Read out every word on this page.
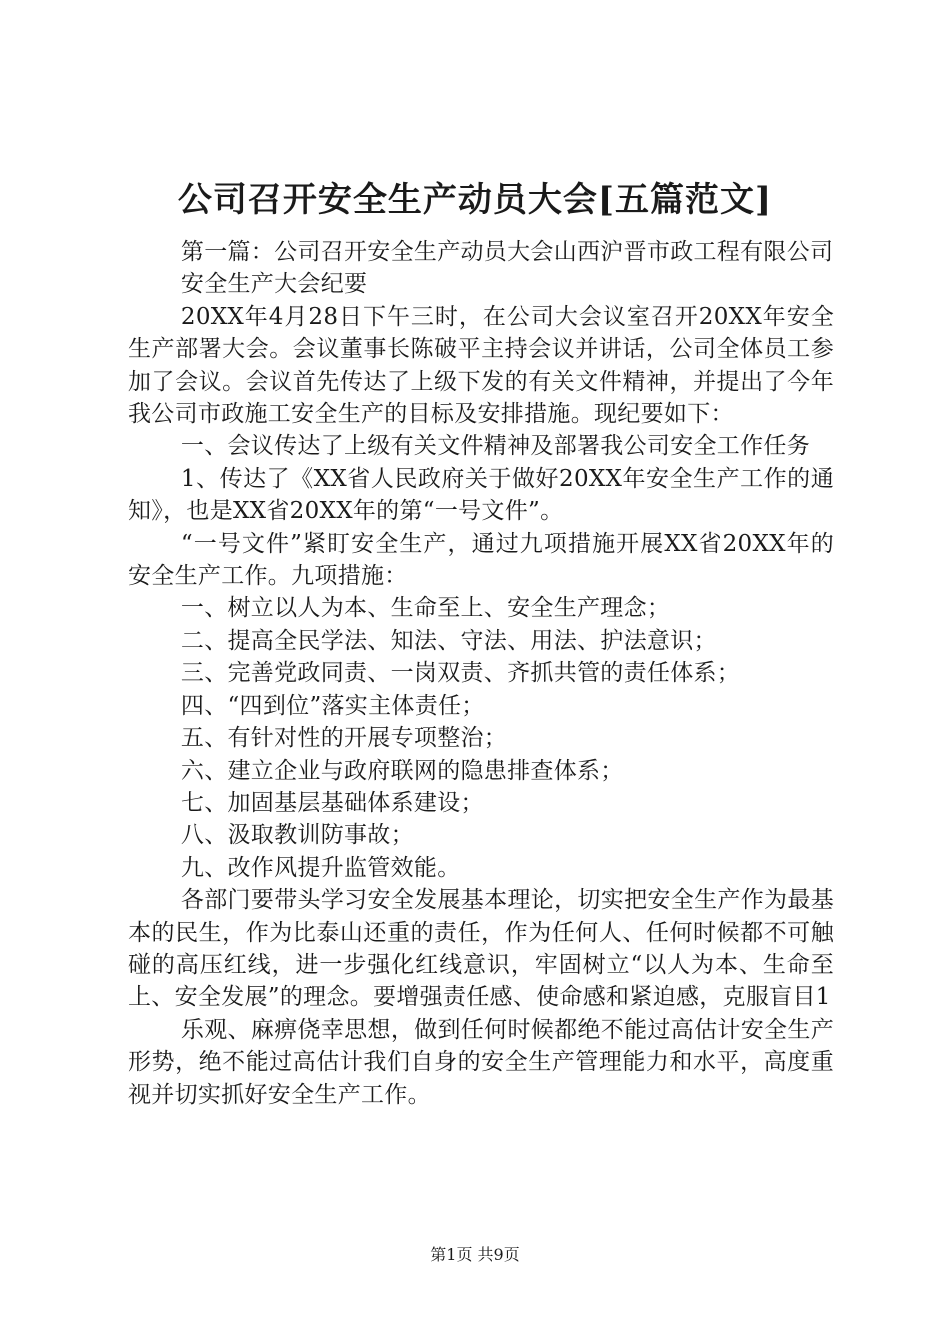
公司召开安全生产动员大会[五篇范文]

第一篇：公司召开安全生产动员大会山西沪晋市政工程有限公司

安全生产大会纪要

20XX年4月28日下午三时，在公司大会议室召开20XX年安全生产部署大会。会议董事长陈破平主持会议并讲话，公司全体员工参加了会议。会议首先传达了上级下发的有关文件精神，并提出了今年我公司市政施工安全生产的目标及安排措施。现纪要如下：

一、会议传达了上级有关文件精神及部署我公司安全工作任务

1、传达了《XX省人民政府关于做好20XX年安全生产工作的通知》，也是XX省20XX年的第“一号文件”。

“一号文件”紧盯安全生产，通过九项措施开展XX省20XX年的安全生产工作。九项措施：

一、树立以人为本、生命至上、安全生产理念；

二、提高全民学法、知法、守法、用法、护法意识；

三、完善党政同责、一岗双责、齐抓共管的责任体系；

四、“四到位”落实主体责任；

五、有针对性的开展专项整治；

六、建立企业与政府联网的隐患排查体系；

七、加固基层基础体系建设；

八、汲取教训防事故；

九、改作风提升监管效能。

各部门要带头学习安全发展基本理论，切实把安全生产作为最基本的民生，作为比泰山还重的责任，作为任何人、任何时候都不可触碰的高压红线，进一步强化红线意识，牢固树立“以人为本、生命至上、安全发展”的理念。要增强责任感、使命感和紧迫感，克服盲目1

乐观、麻痹侥幸思想，做到任何时候都绝不能过高估计安全生产形势，绝不能过高估计我们自身的安全生产管理能力和水平，高度重视并切实抓好安全生产工作。

第1页 共9页
